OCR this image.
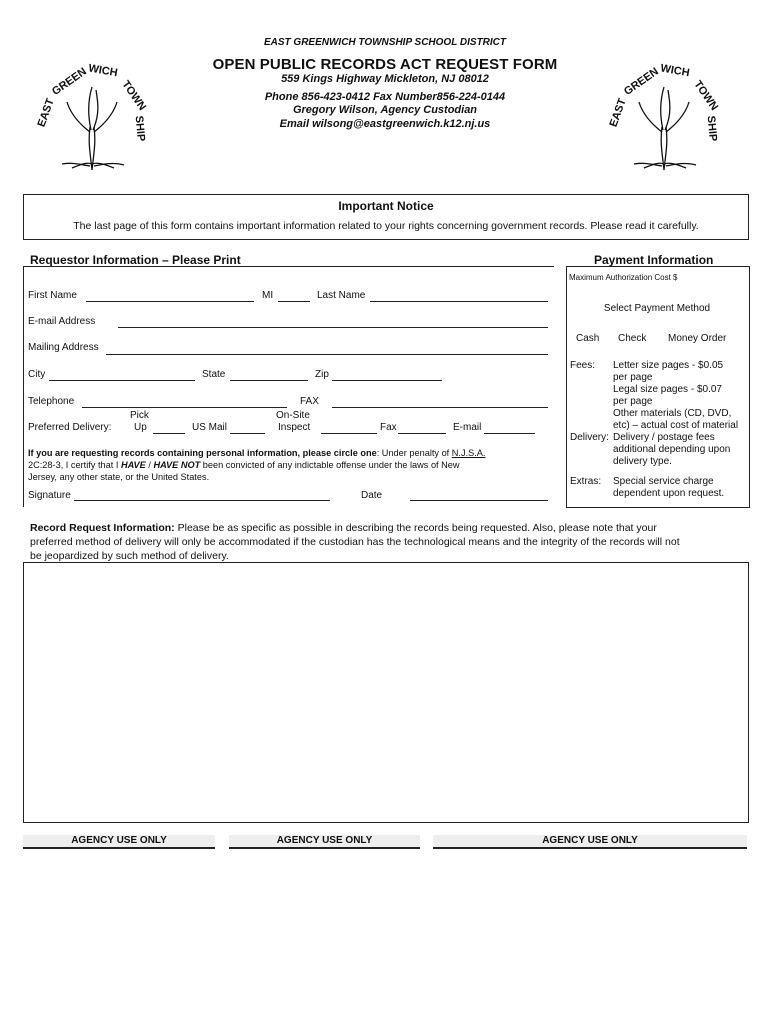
EAST GREENWICH TOWNSHIP SCHOOL DISTRICT
OPEN PUBLIC RECORDS ACT REQUEST FORM
559 Kings Highway Mickleton, NJ 08012
Phone 856-423-0412 Fax Number856-224-0144
Gregory Wilson, Agency Custodian
Email wilsong@eastgreenwich.k12.nj.us
EAST
GREEN
WICH
TOWN
SHIP	EAST
GREEN
WICH
TOWN
SHIP
Important Notice
The last page of this form contains important information related to your rights concerning government records. Please read it carefully.
Requestor Information – Please Print	Payment Information
First Name	MI	Last Name
E-mail Address
Mailing Address
City	State	Zip
Telephone	FAX
Preferred Delivery:
Pick
Up	US Mail
On-Site
Inspect	Fax	E-mail
If you are requesting records containing personal information, please circle one: Under penalty of N.J.S.A.
2C:28-3, I certify that I HAVE / HAVE NOT been convicted of any indictable offense under the laws of New
Jersey, any other state, or the United States.
Signature	Date
Maximum Authorization Cost $
Select Payment Method
Cash Check Money Order
Fees: Letter size pages - $0.05
per page
Legal size pages - $0.07
per page
Other materials (CD, DVD,
etc) – actual cost of material
Delivery: Delivery / postage fees
additional depending upon
delivery type.
Extras: Special service charge
dependent upon request.
Record Request Information: Please be as specific as possible in describing the records being requested. Also, please note that your
preferred method of delivery will only be accommodated if the custodian has the technological means and the integrity of the records will not
be jeopardized by such method of delivery.
AGENCY USE ONLY	AGENCY USE ONLY	AGENCY USE ONLY
